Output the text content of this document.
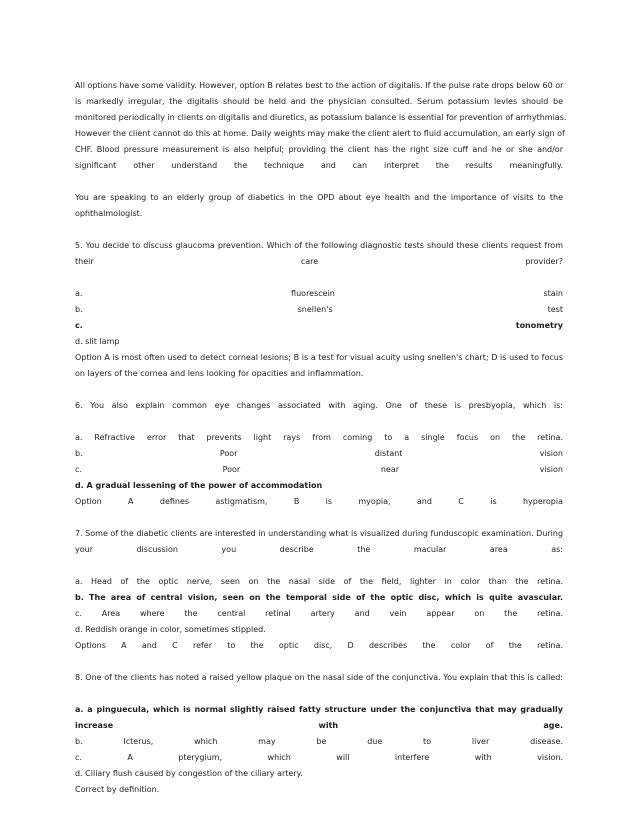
All options have some validity. However, option B relates best to the action of digitalis. If the pulse rate drops below 60 or
is markedly irregular, the digitalis should be held and the physician consulted. Serum potassium levles should be
monitored periodically in clients on digitalis and diuretics, as potassium balance is essential for prevention of arrhythmias.
However the client cannot do this at home. Daily weights may make the client alert to fluid accumulation, an early sign of
CHF. Blood pressure measurement is also helpful; providing the client has the right size cuff and he or she and/or
significant other understand the technique and can interpret the results meaningfully.
You are speaking to an elderly group of diabetics in the OPD about eye health and the importance of visits to the
ophthalmologist.
5. You decide to discuss glaucoma prevention. Which of the following diagnostic tests should these clients request from
their care provider?
a. fluorescein stain
b. snellen's test
c. tonometry
d. slit lamp
Option A is most often used to detect corneal lesions; B is a test for visual acuity using snellen's chart; D is used to focus
on layers of the cornea and lens looking for opacities and inflammation.
6. You also explain common eye changes associated with aging. One of these is presbyopia, which is:
a. Refractive error that prevents light rays from coming to a single focus on the retina.
b. Poor distant vision
c. Poor near vision
d. A gradual lessening of the power of accommodation
Option A defines astigmatism, B is myopia, and C is hyperopia
7. Some of the diabetic clients are interested in understanding what is visualized during funduscopic examination. During
your discussion you describe the macular area as:
a. Head of the optic nerve, seen on the nasal side of the field, lighter in color than the retina.
b. The area of central vision, seen on the temporal side of the optic disc, which is quite avascular.
c. Area where the central retinal artery and vein appear on the retina.
d. Reddish orange in color, sometimes stippled.
Options A and C refer to the optic disc, D describes the color of the retina.
8. One of the clients has noted a raised yellow plaque on the nasal side of the conjunctiva. You explain that this is called:
a. a pinguecula, which is normal slightly raised fatty structure under the conjunctiva that may gradually
increase with age.
b. Icterus, which may be due to liver disease.
c. A pterygium, which will interfere with vision.
d. Ciliary flush caused by congestion of the ciliary artery.
Correct by definition.
